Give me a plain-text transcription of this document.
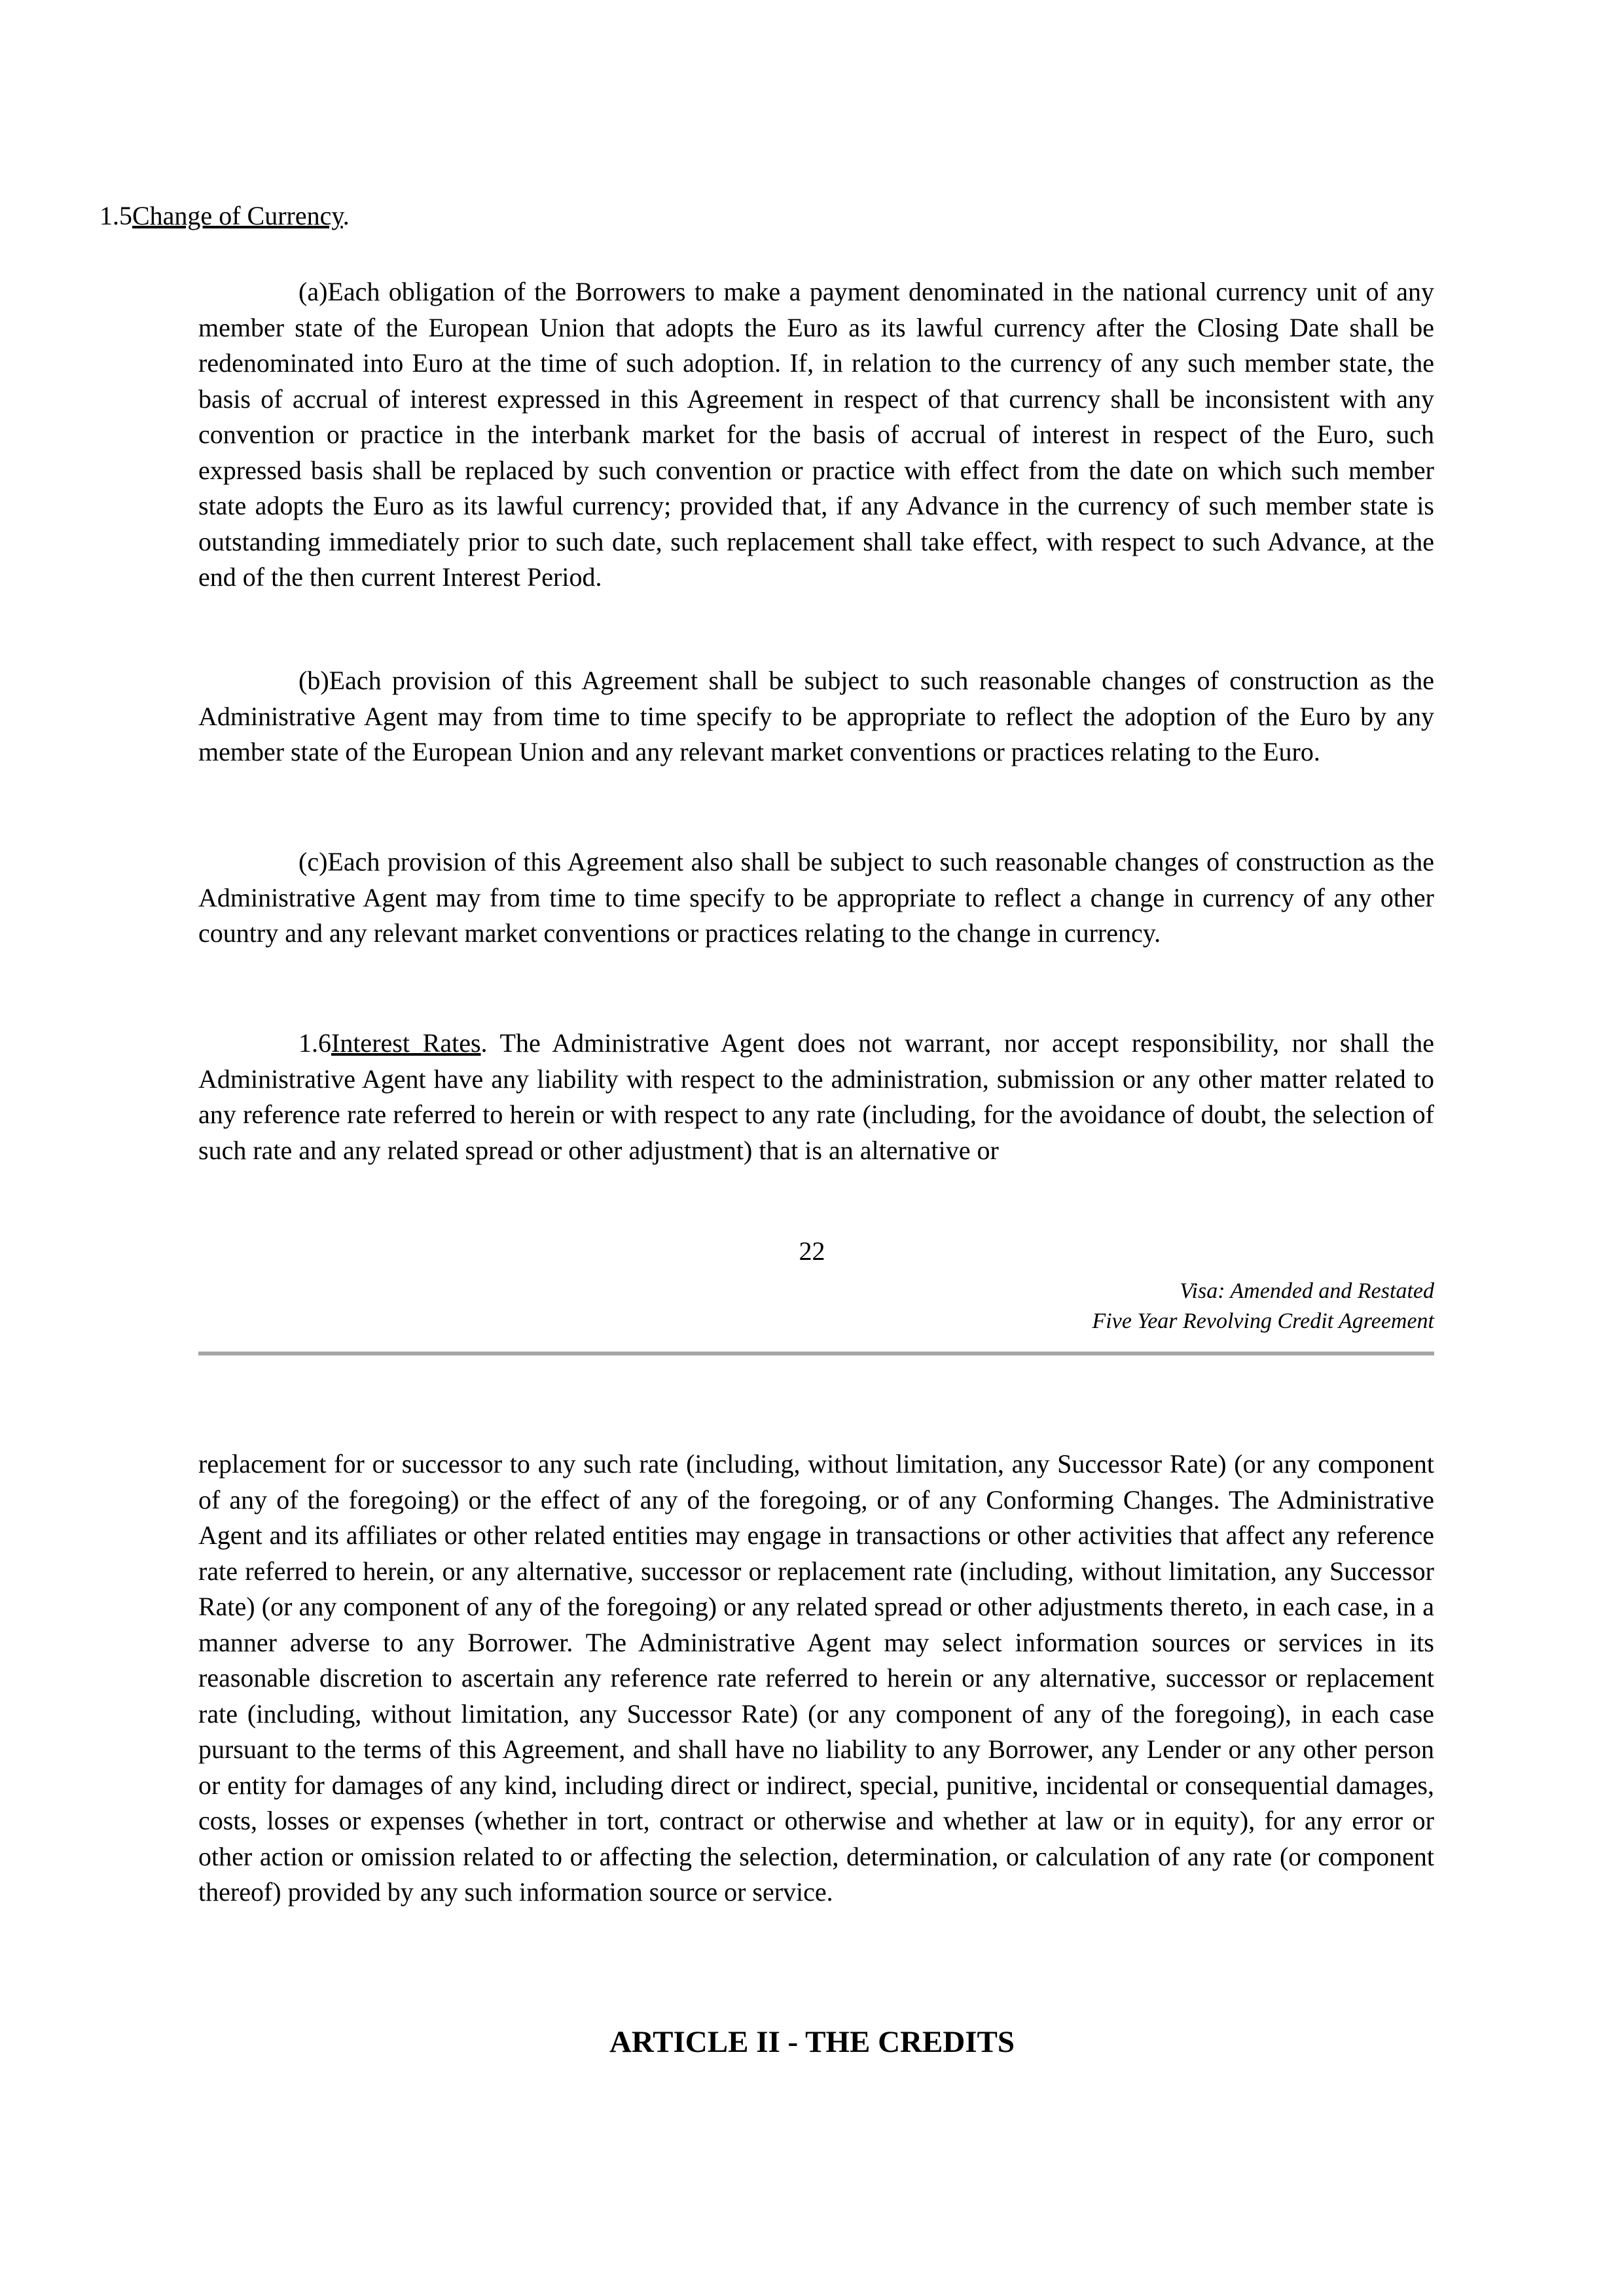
1.5Change of Currency.

(a)Each obligation of the Borrowers to make a payment denominated in the national currency unit of any member state of the European Union that adopts the Euro as its lawful currency after the Closing Date shall be redenominated into Euro at the time of such adoption. If, in relation to the currency of any such member state, the basis of accrual of interest expressed in this Agreement in respect of that currency shall be inconsistent with any convention or practice in the interbank market for the basis of accrual of interest in respect of the Euro, such expressed basis shall be replaced by such convention or practice with effect from the date on which such member state adopts the Euro as its lawful currency; provided that, if any Advance in the currency of such member state is outstanding immediately prior to such date, such replacement shall take effect, with respect to such Advance, at the end of the then current Interest Period.

(b)Each provision of this Agreement shall be subject to such reasonable changes of construction as the Administrative Agent may from time to time specify to be appropriate to reflect the adoption of the Euro by any member state of the European Union and any relevant market conventions or practices relating to the Euro.

(c)Each provision of this Agreement also shall be subject to such reasonable changes of construction as the Administrative Agent may from time to time specify to be appropriate to reflect a change in currency of any other country and any relevant market conventions or practices relating to the change in currency.

1.6Interest Rates. The Administrative Agent does not warrant, nor accept responsibility, nor shall the Administrative Agent have any liability with respect to the administration, submission or any other matter related to any reference rate referred to herein or with respect to any rate (including, for the avoidance of doubt, the selection of such rate and any related spread or other adjustment) that is an alternative or

22
Visa: Amended and Restated
Five Year Revolving Credit Agreement

replacement for or successor to any such rate (including, without limitation, any Successor Rate) (or any component of any of the foregoing) or the effect of any of the foregoing, or of any Conforming Changes. The Administrative Agent and its affiliates or other related entities may engage in transactions or other activities that affect any reference rate referred to herein, or any alternative, successor or replacement rate (including, without limitation, any Successor Rate) (or any component of any of the foregoing) or any related spread or other adjustments thereto, in each case, in a manner adverse to any Borrower. The Administrative Agent may select information sources or services in its reasonable discretion to ascertain any reference rate referred to herein or any alternative, successor or replacement rate (including, without limitation, any Successor Rate) (or any component of any of the foregoing), in each case pursuant to the terms of this Agreement, and shall have no liability to any Borrower, any Lender or any other person or entity for damages of any kind, including direct or indirect, special, punitive, incidental or consequential damages, costs, losses or expenses (whether in tort, contract or otherwise and whether at law or in equity), for any error or other action or omission related to or affecting the selection, determination, or calculation of any rate (or component thereof) provided by any such information source or service.

ARTICLE II - THE CREDITS
